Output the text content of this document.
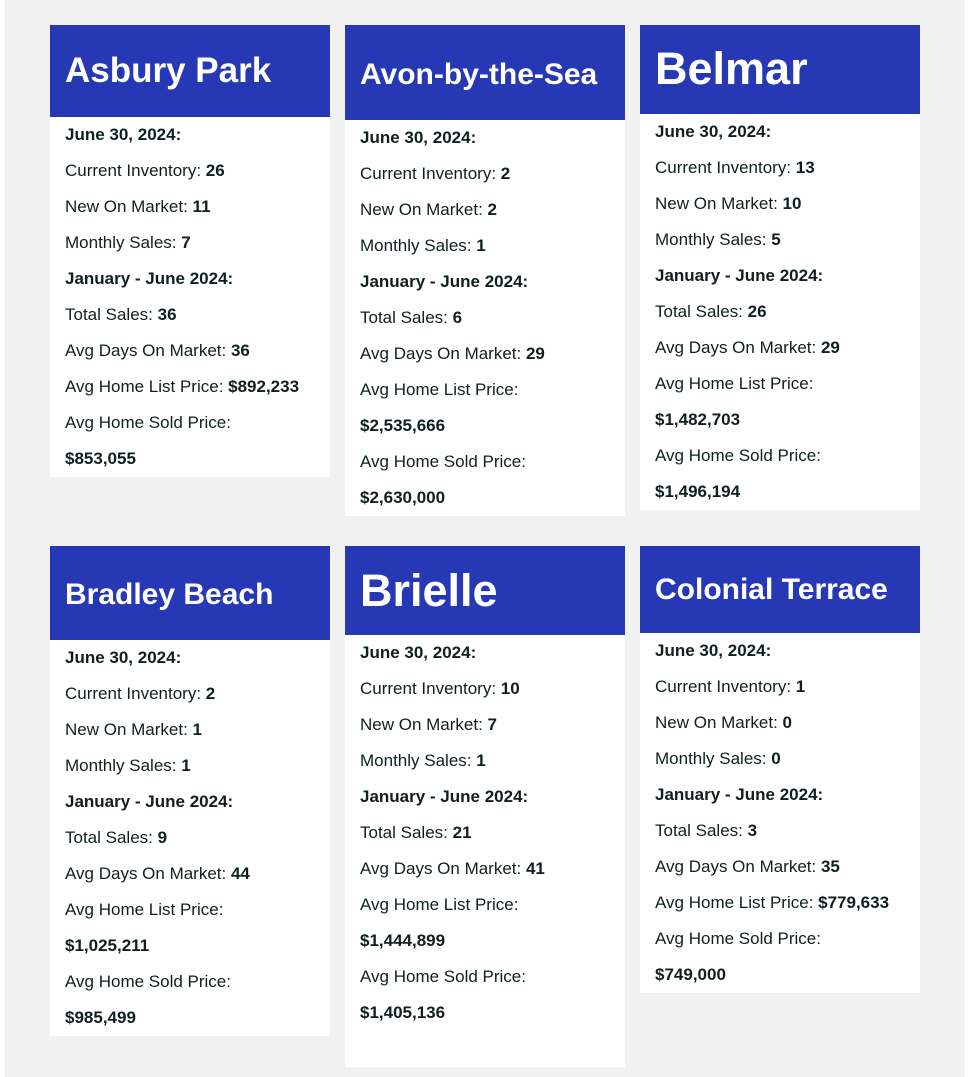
Asbury Park
June 30, 2024:
Current Inventory: 26
New On Market: 11
Monthly Sales: 7
January - June 2024:
Total Sales: 36
Avg Days On Market: 36
Avg Home List Price: $892,233
Avg Home Sold Price:
$853,055
Avon-by-the-Sea
June 30, 2024:
Current Inventory: 2
New On Market: 2
Monthly Sales: 1
January - June 2024:
Total Sales: 6
Avg Days On Market: 29
Avg Home List Price:
$2,535,666
Avg Home Sold Price:
$2,630,000
Belmar
June 30, 2024:
Current Inventory: 13
New On Market: 10
Monthly Sales: 5
January - June 2024:
Total Sales: 26
Avg Days On Market: 29
Avg Home List Price:
$1,482,703
Avg Home Sold Price:
$1,496,194
Bradley Beach
June 30, 2024:
Current Inventory: 2
New On Market: 1
Monthly Sales: 1
January - June 2024:
Total Sales: 9
Avg Days On Market: 44
Avg Home List Price:
$1,025,211
Avg Home Sold Price:
$985,499
Brielle
June 30, 2024:
Current Inventory: 10
New On Market: 7
Monthly Sales: 1
January - June 2024:
Total Sales: 21
Avg Days On Market: 41
Avg Home List Price:
$1,444,899
Avg Home Sold Price:
$1,405,136
Colonial Terrace
June 30, 2024:
Current Inventory: 1
New On Market: 0
Monthly Sales: 0
January - June 2024:
Total Sales: 3
Avg Days On Market: 35
Avg Home List Price: $779,633
Avg Home Sold Price:
$749,000
